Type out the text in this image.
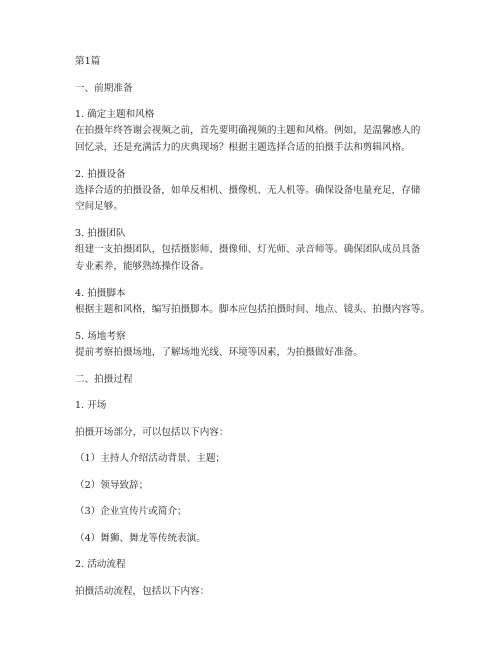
第1篇

一、前期准备

1. 确定主题和风格

在拍摄年终答谢会视频之前，首先要明确视频的主题和风格。例如，是温馨感人的
回忆录，还是充满活力的庆典现场？根据主题选择合适的拍摄手法和剪辑风格。

2. 拍摄设备

选择合适的拍摄设备，如单反相机、摄像机、无人机等。确保设备电量充足，存储
空间足够。

3. 拍摄团队

组建一支拍摄团队，包括摄影师、摄像师、灯光师、录音师等。确保团队成员具备
专业素养，能够熟练操作设备。

4. 拍摄脚本

根据主题和风格，编写拍摄脚本。脚本应包括拍摄时间、地点、镜头、拍摄内容等。

5. 场地考察

提前考察拍摄场地，了解场地光线、环境等因素，为拍摄做好准备。

二、拍摄过程

1. 开场

拍摄开场部分，可以包括以下内容：

（1）主持人介绍活动背景、主题；

（2）领导致辞；

（3）企业宣传片或简介；

（4）舞狮、舞龙等传统表演。

2. 活动流程

拍摄活动流程，包括以下内容：
